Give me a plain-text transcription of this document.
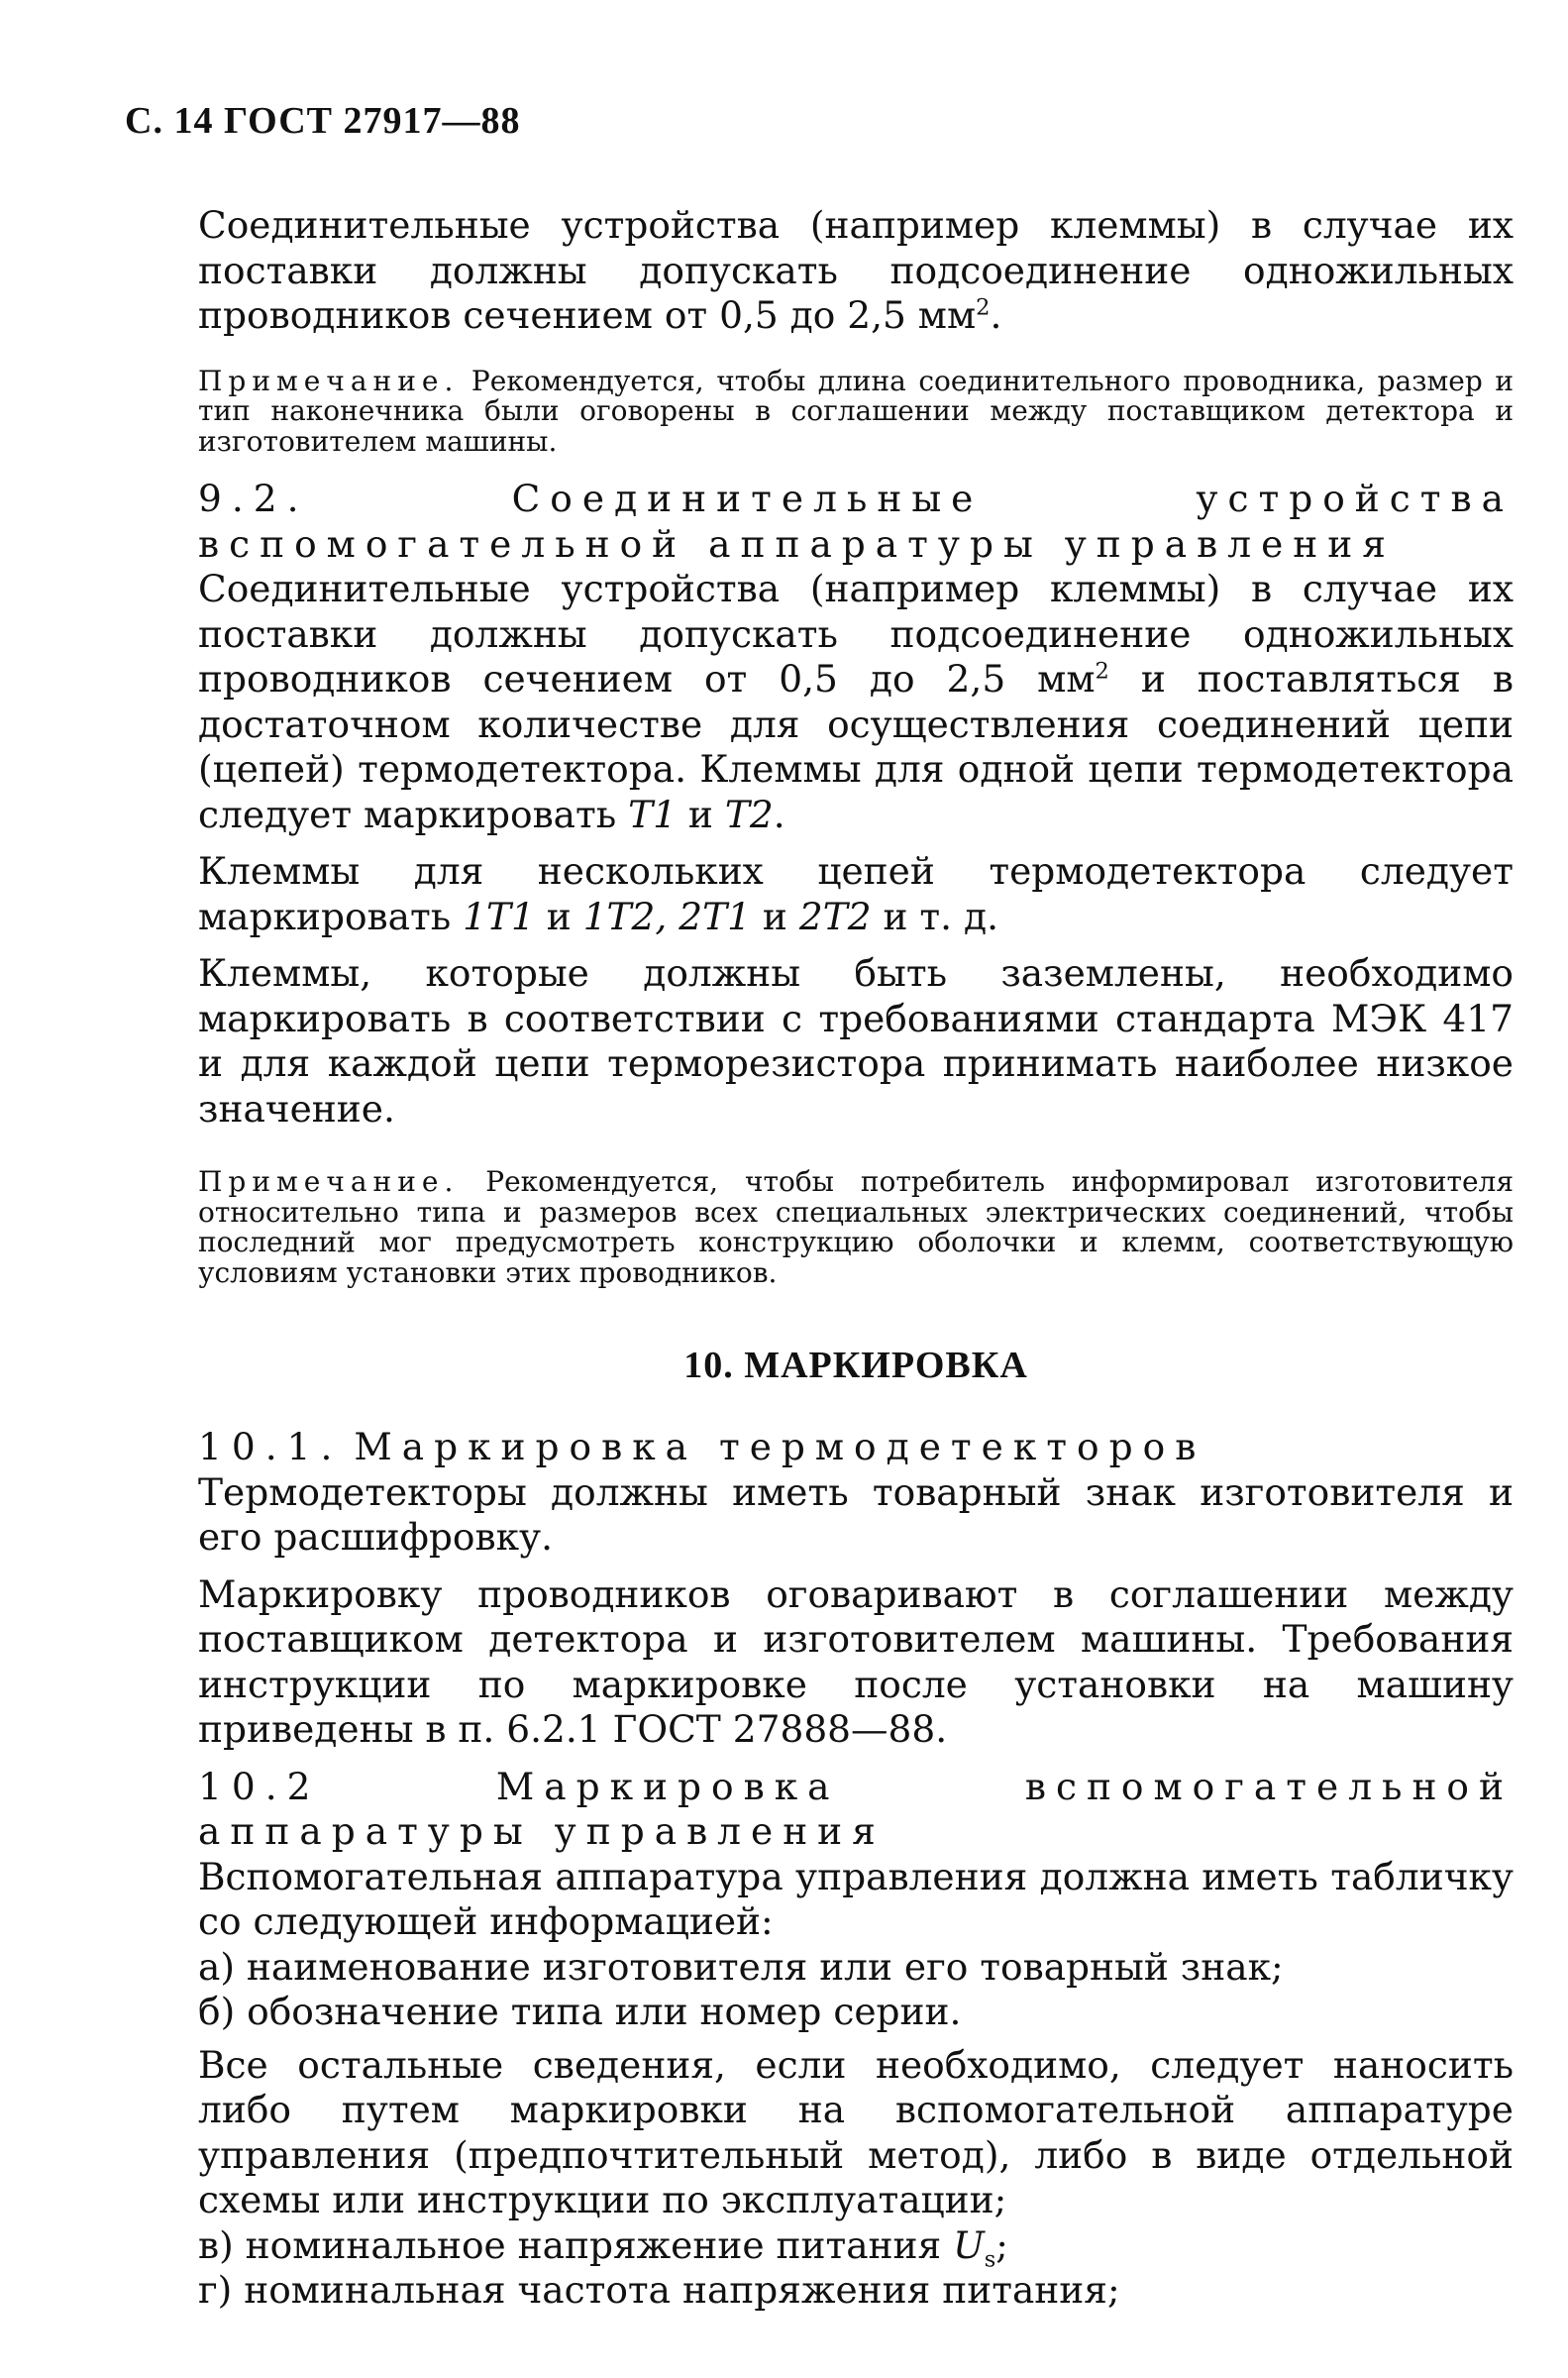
С. 14 ГОСТ 27917—88

Соединительные устройства (например клеммы) в случае их поставки должны допускать подсоединение одножильных проводников сечением от 0,5 до 2,5 $мм^2$.

Примечание. Рекомендуется, чтобы длина соединительного проводника, размер и тип наконечника были оговорены в соглашении между поставщиком детектора и изготовителем машины.

9.2.	Соединительные устройства вспомогательной аппаратуры управления

Соединительные устройства (например клеммы) в случае их поставки должны допускать подсоединение одножильных проводников сечением от 0,5 до 2,5 $мм^2$ и поставляться в достаточном количестве для осуществления соединений цепи (цепей) термодетектора. Клеммы для одной цепи термодетектора следует маркировать T1 и T2.

Клеммы для нескольких цепей термодетектора следует маркировать 1T1 и 1T2, 2T1 и 2T2 и т. д.

Клеммы, которые должны быть заземлены, необходимо маркировать в соответствии с требованиями стандарта МЭК 417 и для каждой цепи терморезистора принимать наиболее низкое значение.

Примечание. Рекомендуется, чтобы потребитель информировал изготовителя относительно типа и размеров всех специальных электрических соединений, чтобы последний мог предусмотреть конструкцию оболочки и клемм, соответствующую условиям установки этих проводников.

10. МАРКИРОВКА

10.1. Маркировка термодетекторов

Термодетекторы должны иметь товарный знак изготовителя и его расшифровку.

Маркировку проводников оговаривают в соглашении между поставщиком детектора и изготовителем машины. Требования инструкции по маркировке после установки на машину приведены в п. 6.2.1 ГОСТ 27888—88.

10.2	Маркировка вспомогательной аппаратуры управления

Вспомогательная аппаратура управления должна иметь табличку со следующей информацией:

а) наименование изготовителя или его товарный знак;

б) обозначение типа или номер серии.

Все остальные сведения, если необходимо, следует наносить либо путем маркировки на вспомогательной аппаратуре управления (предпочтительный метод), либо в виде отдельной схемы или инструкции по эксплуатации;

в) номинальное напряжение питания $U_s$;

г) номинальная частота напряжения питания;
